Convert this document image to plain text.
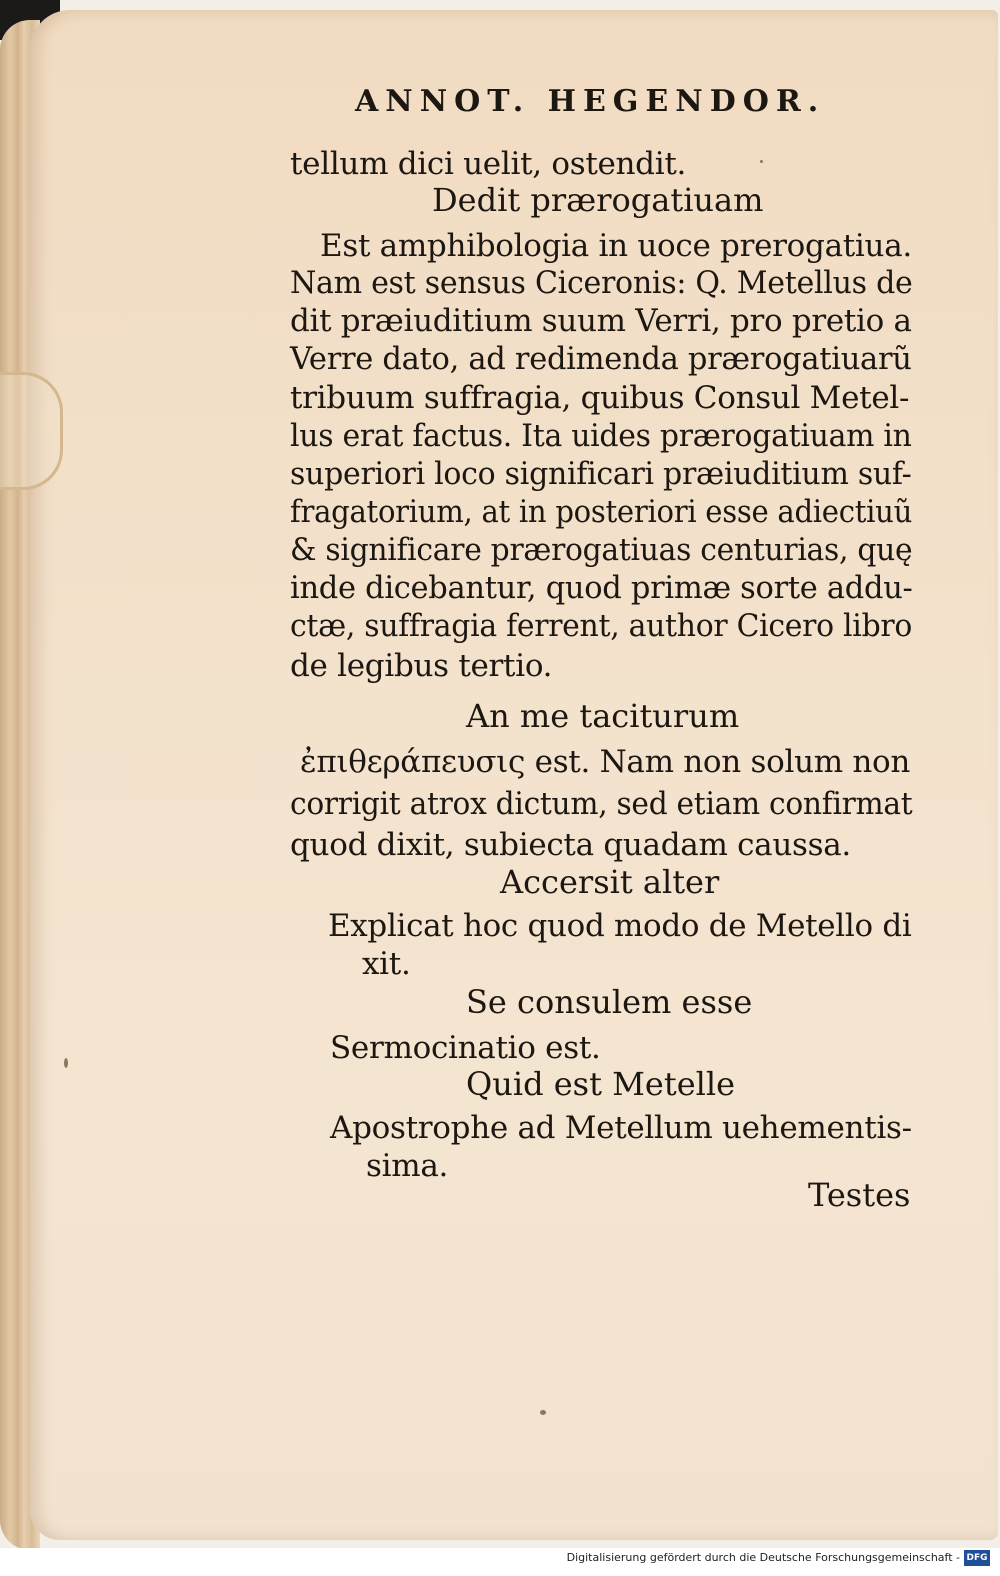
ANNOT. HEGENDOR.
tellum dici uelit, ostendit.
Dedit prærogatiuam
Est amphibologia in uoce prerogatiua.
Nam est sensus Ciceronis: Q. Metellus de
dit præiuditium suum Verri, pro pretio a
Verre dato, ad redimenda prærogatiuarũ
tribuum suffragia, quibus Consul Metel-
lus erat factus. Ita uides prærogatiuam in
superiori loco significari præiuditium suf-
fragatorium, at in posteriori esse adiectiuũ
& significare prærogatiuas centurias, quę
inde dicebantur, quod primæ sorte addu-
ctæ, suffragia ferrent, author Cicero libro
de legibus tertio.
An me taciturum
ἐπιθεράπευσις est. Nam non solum non
corrigit atrox dictum, sed etiam confirmat
quod dixit, subiecta quadam caussa.
Accersit alter
Explicat hoc quod modo de Metello di
xit.
Se consulem esse
Sermocinatio est.
Quid est Metelle
Apostrophe ad Metellum uehementis-
sima.
Testes
Digitalisierung gefördert durch die Deutsche Forschungsgemeinschaft - DFG
